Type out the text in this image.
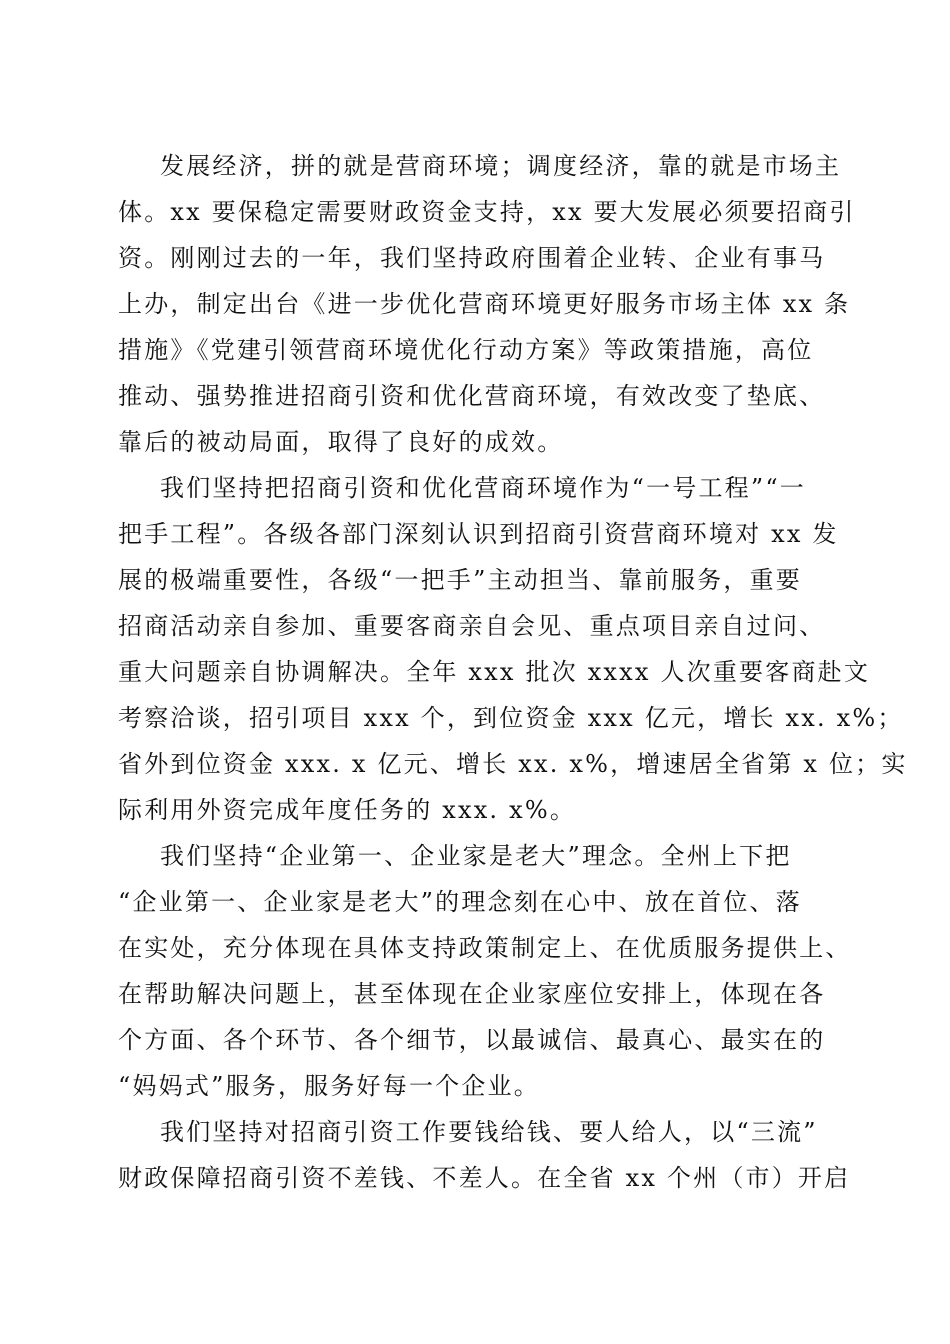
发展经济，拼的就是营商环境；调度经济，靠的就是市场主
体。xx 要保稳定需要财政资金支持，xx 要大发展必须要招商引
资。刚刚过去的一年，我们坚持政府围着企业转、企业有事马
上办，制定出台《进一步优化营商环境更好服务市场主体 xx 条
措施》《党建引领营商环境优化行动方案》等政策措施，高位
推动、强势推进招商引资和优化营商环境，有效改变了垫底、
靠后的被动局面，取得了良好的成效。
我们坚持把招商引资和优化营商环境作为“一号工程”“一
把手工程”。各级各部门深刻认识到招商引资营商环境对 xx 发
展的极端重要性，各级“一把手”主动担当、靠前服务，重要
招商活动亲自参加、重要客商亲自会见、重点项目亲自过问、
重大问题亲自协调解决。全年 xxx 批次 xxxx 人次重要客商赴文
考察洽谈，招引项目 xxx 个，到位资金 xxx 亿元，增长 xx. x%；
省外到位资金 xxx. x 亿元、增长 xx. x%，增速居全省第 x 位；实
际利用外资完成年度任务的 xxx. x%。
我们坚持“企业第一、企业家是老大”理念。全州上下把
“企业第一、企业家是老大”的理念刻在心中、放在首位、落
在实处，充分体现在具体支持政策制定上、在优质服务提供上、
在帮助解决问题上，甚至体现在企业家座位安排上，体现在各
个方面、各个环节、各个细节，以最诚信、最真心、最实在的
“妈妈式”服务，服务好每一个企业。
我们坚持对招商引资工作要钱给钱、要人给人，以“三流”
财政保障招商引资不差钱、不差人。在全省 xx 个州（市）开启
